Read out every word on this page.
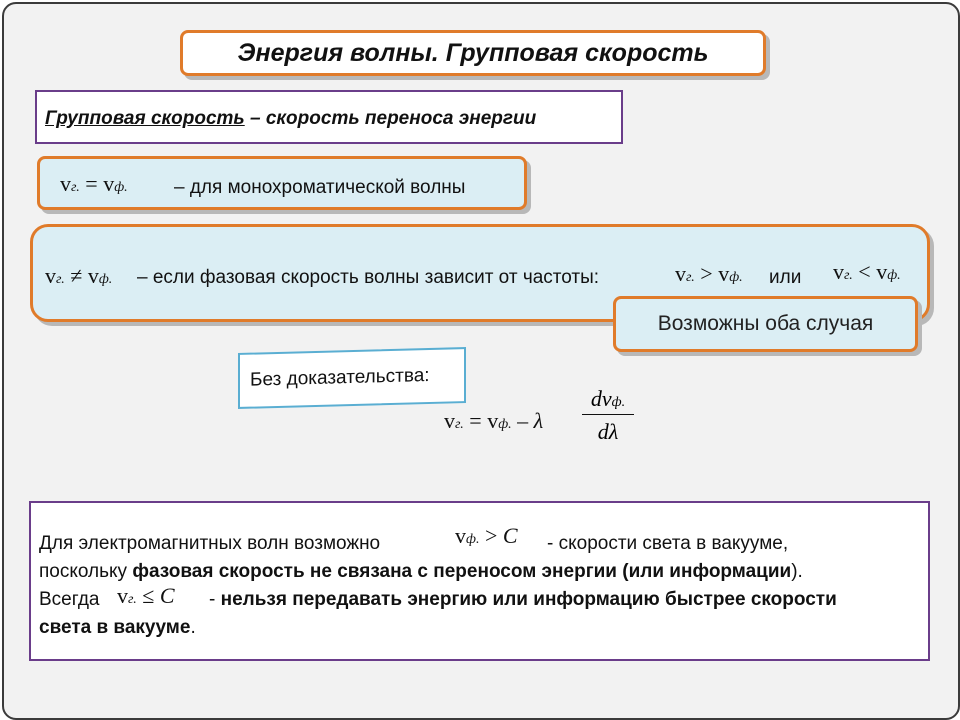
Энергия волны. Групповая скорость
Групповая скорость – скорость переноса энергии
vг. = vф. – для монохроматической волны
vг. ≠ vф. – если фазовая скорость волны зависит от частоты:	vг. > vф. или vг. < vф.
Возможны оба случая
Без доказательства:
vг. = vф. – λ
dvф.
dλ
Для электромагнитных волн возможно	vф. > C - скорости света в вакууме,
поскольку фазовая скорость не связана с переносом энергии (или информации).
Всегда vг. ≤ C - нельзя передавать энергию или информацию быстрее скорости
света в вакууме.
